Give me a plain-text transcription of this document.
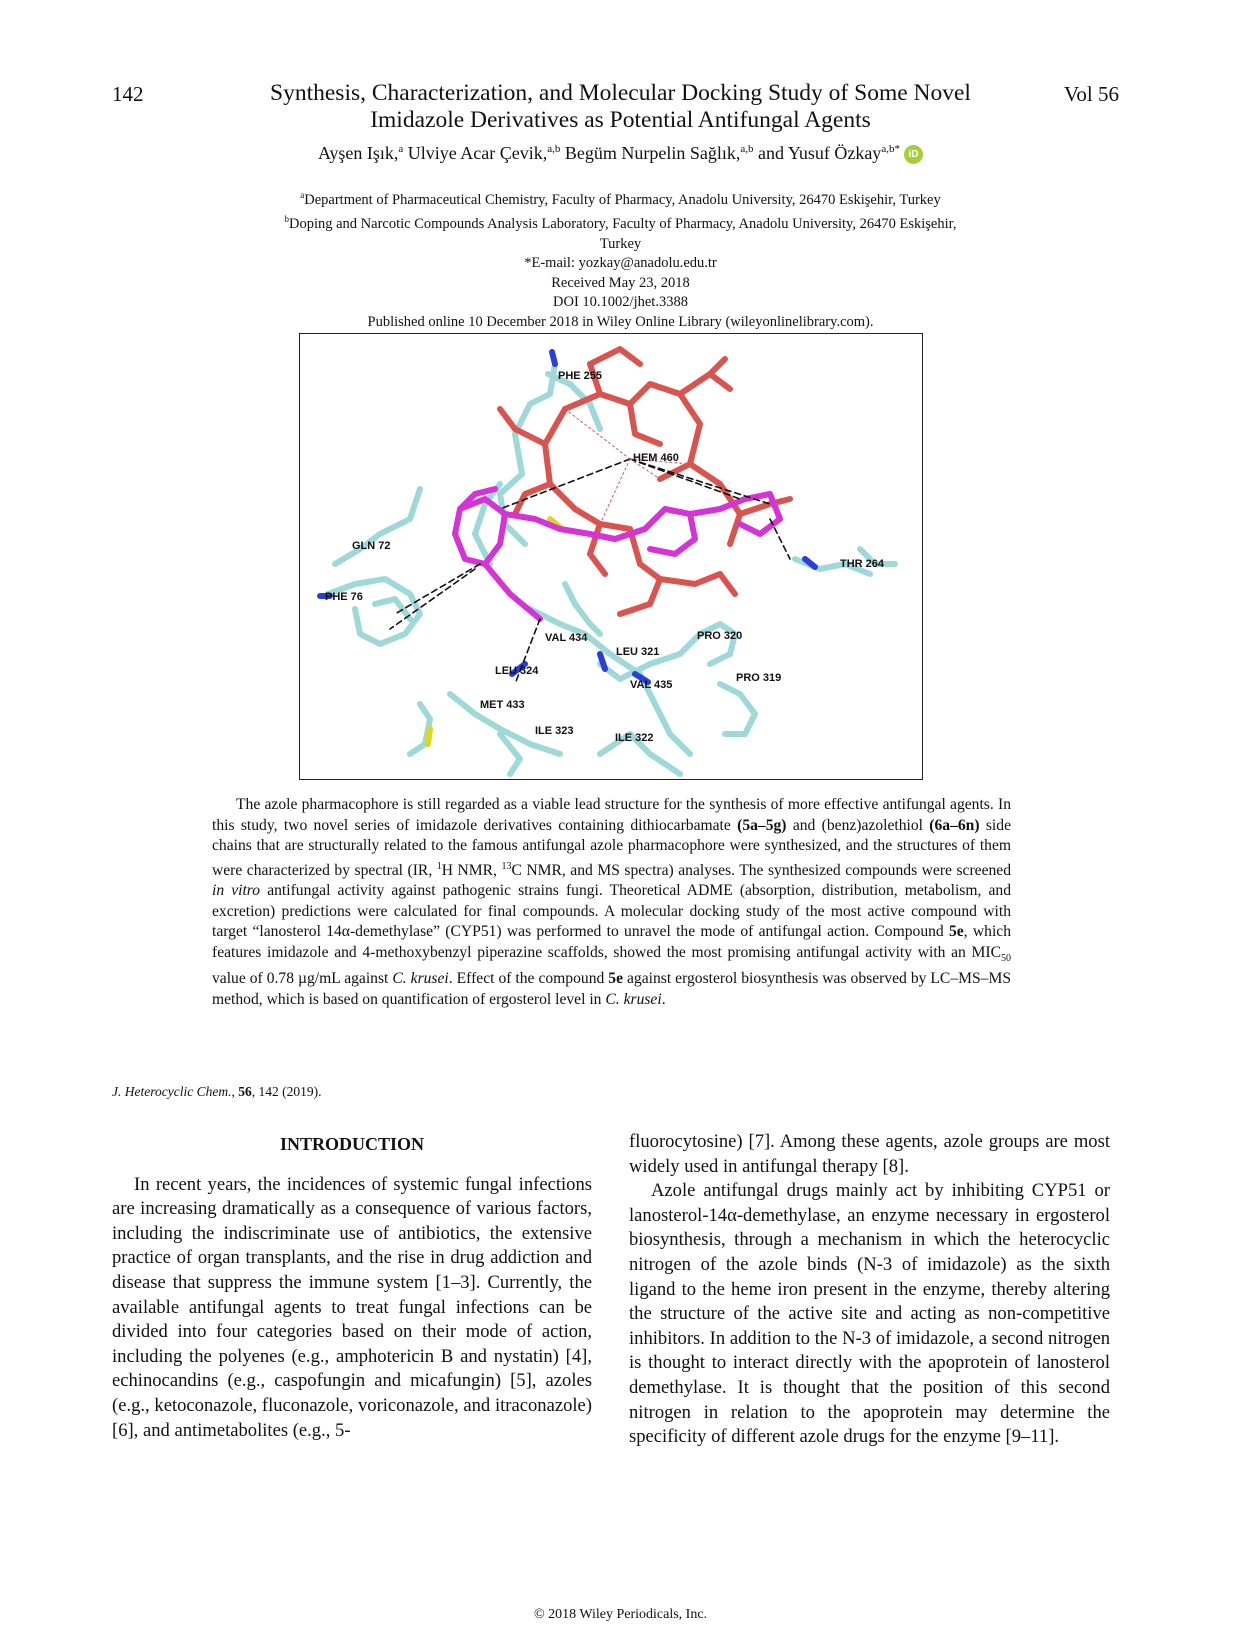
142	Vol 56
Synthesis, Characterization, and Molecular Docking Study of Some Novel
Imidazole Derivatives as Potential Antifungal Agents
Ayşen Işık,$^a$ Ulviye Acar Çevik,$^{a,b}$ Begüm Nurpelin Sağlık,$^{a,b}$ and Yusuf Özkay$^{a,b*}$ iD
$^a$Department of Pharmaceutical Chemistry, Faculty of Pharmacy, Anadolu University, 26470 Eskişehir, Turkey
$^b$Doping and Narcotic Compounds Analysis Laboratory, Faculty of Pharmacy, Anadolu University, 26470 Eskişehir,
Turkey
*E-mail: yozkay@anadolu.edu.tr
Received May 23, 2018
DOI 10.1002/jhet.3388
Published online 10 December 2018 in Wiley Online Library (wileyonlinelibrary.com).
PHE 255
HEM 460
GLN 72
THR 264
PHE 76
VAL 434	PRO 320
LEU 321
LEU 324
VAL 435
PRO 319
MET 433
ILE 323
ILE 322
The azole pharmacophore is still regarded as a viable lead structure for the synthesis of more effective antifungal agents. In this study, two novel series of imidazole derivatives containing dithiocarbamate (5a–5g) and (benz)azolethiol (6a–6n) side chains that are structurally related to the famous antifungal azole pharmacophore were synthesized, and the structures of them were characterized by spectral (IR, $^1$H NMR, $^{13}$C NMR, and MS spectra) analyses. The synthesized compounds were screened in vitro antifungal activity against pathogenic strains fungi. Theoretical ADME (absorption, distribution, metabolism, and excretion) predictions were calculated for final compounds. A molecular docking study of the most active compound with target “lanosterol 14α-demethylase” (CYP51) was performed to unravel the mode of antifungal action. Compound 5e, which features imidazole and 4-methoxybenzyl piperazine scaffolds, showed the most promising antifungal activity with an $MIC_{50}$ value of 0.78 µg/mL against C. krusei. Effect of the compound 5e against ergosterol biosynthesis was observed by LC–MS–MS method, which is based on quantification of ergosterol level in C. krusei.
J. Heterocyclic Chem., 56, 142 (2019).
INTRODUCTION

In recent years, the incidences of systemic fungal infections are increasing dramatically as a consequence of various factors, including the indiscriminate use of antibiotics, the extensive practice of organ transplants, and the rise in drug addiction and disease that suppress the immune system [1–3]. Currently, the available antifungal agents to treat fungal infections can be divided into four categories based on their mode of action, including the polyenes (e.g., amphotericin B and nystatin) [4], echinocandins (e.g., caspofungin and micafungin) [5], azoles (e.g., ketoconazole, fluconazole, voriconazole, and itraconazole) [6], and antimetabolites (e.g., 5-

fluorocytosine) [7]. Among these agents, azole groups are most widely used in antifungal therapy [8].

Azole antifungal drugs mainly act by inhibiting CYP51 or lanosterol-14α-demethylase, an enzyme necessary in ergosterol biosynthesis, through a mechanism in which the heterocyclic nitrogen of the azole binds (N-3 of imidazole) as the sixth ligand to the heme iron present in the enzyme, thereby altering the structure of the active site and acting as non-competitive inhibitors. In addition to the N-3 of imidazole, a second nitrogen is thought to interact directly with the apoprotein of lanosterol demethylase. It is thought that the position of this second nitrogen in relation to the apoprotein may determine the specificity of different azole drugs for the enzyme [9–11].

© 2018 Wiley Periodicals, Inc.
